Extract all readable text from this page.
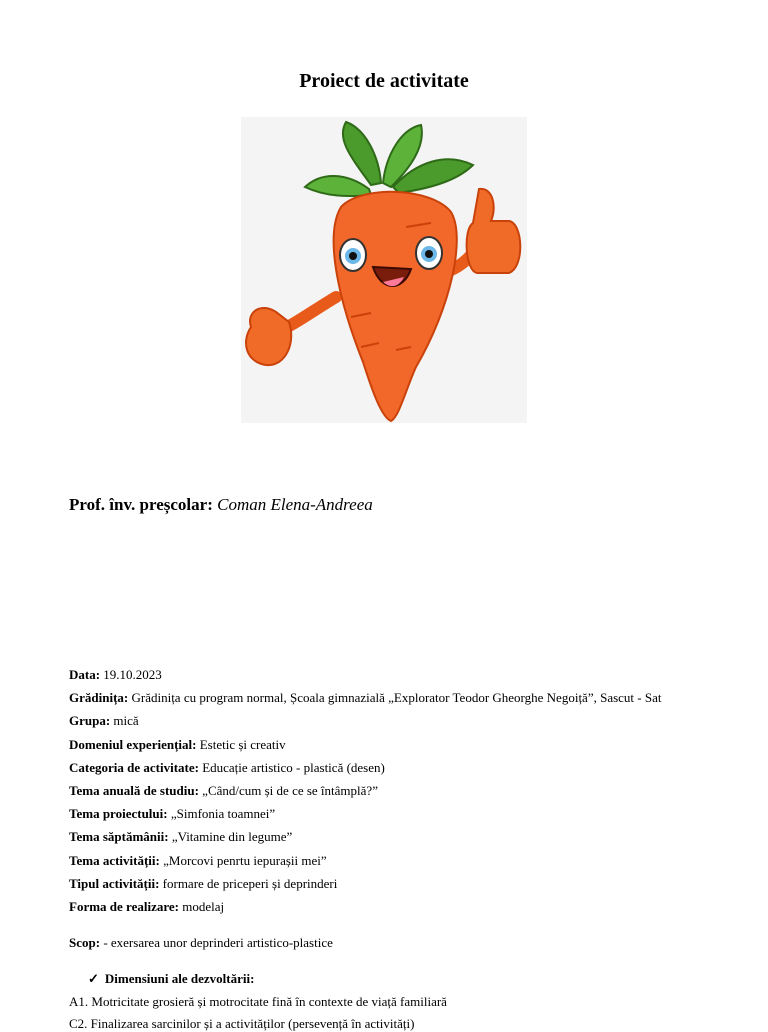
Proiect de activitate
Prof. înv. preșcolar: Coman Elena-Andreea
Data: 19.10.2023
Grădinița: Grădinița cu program normal, Școala gimnazială „Explorator Teodor Gheorghe Negoiță”, Sascut - Sat
Grupa: mică
Domeniul experiențial: Estetic și creativ
Categoria de activitate: Educație artistico - plastică (desen)
Tema anuală de studiu: „Când/cum și de ce se întâmplă?”
Tema proiectului: „Simfonia toamnei”
Tema săptămânii: „Vitamine din legume”
Tema activității: „Morcovi penrtu iepurașii mei”
Tipul activității: formare de priceperi și deprinderi
Forma de realizare: modelaj
Scop: - exersarea unor deprinderi artistico-plastice
✓ Dimensiuni ale dezvoltării:
A1. Motricitate grosieră și motrocitate fină în contexte de viață familiară
C2. Finalizarea sarcinilor și a activităților (persevență în activități)
